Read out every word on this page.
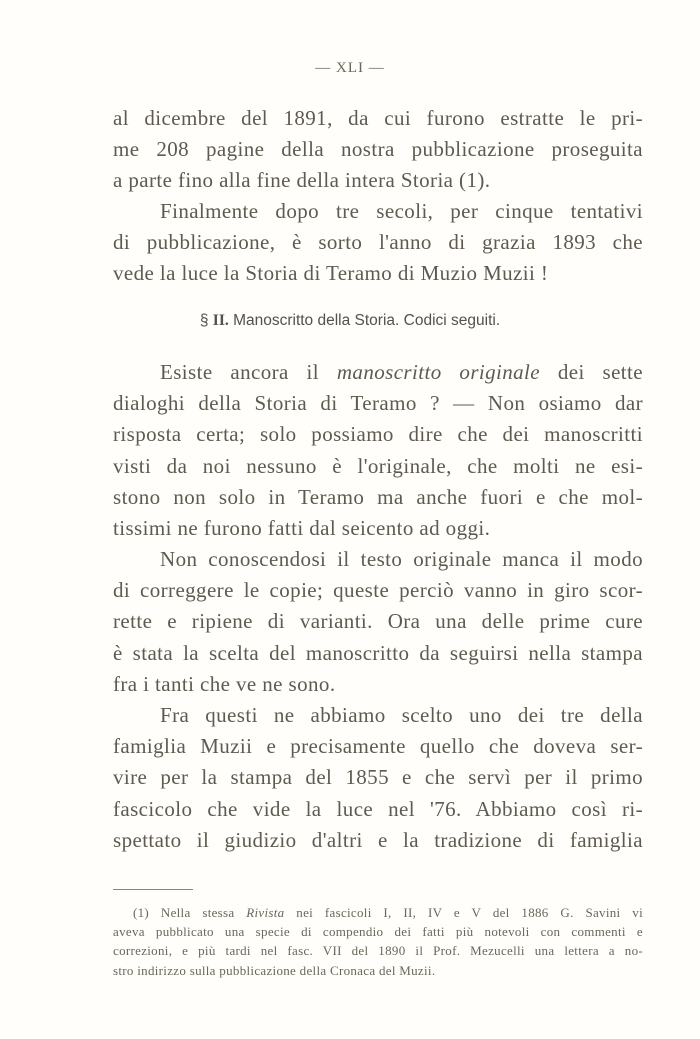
— XLI —
al dicembre del 1891, da cui furono estratte le pri-
me 208 pagine della nostra pubblicazione proseguita
a parte fino alla fine della intera Storia (1).
Finalmente dopo tre secoli, per cinque tentativi
di pubblicazione, è sorto l'anno di grazia 1893 che
vede la luce la Storia di Teramo di Muzio Muzii !
§ II. Manoscritto della Storia. Codici seguiti.
Esiste ancora il manoscritto originale dei sette
dialoghi della Storia di Teramo ? — Non osiamo dar
risposta certa; solo possiamo dire che dei manoscritti
visti da noi nessuno è l'originale, che molti ne esi-
stono non solo in Teramo ma anche fuori e che mol-
tissimi ne furono fatti dal seicento ad oggi.
Non conoscendosi il testo originale manca il modo
di correggere le copie; queste perciò vanno in giro scor-
rette e ripiene di varianti. Ora una delle prime cure
è stata la scelta del manoscritto da seguirsi nella stampa
fra i tanti che ve ne sono.
Fra questi ne abbiamo scelto uno dei tre della
famiglia Muzii e precisamente quello che doveva ser-
vire per la stampa del 1855 e che servì per il primo
fascicolo che vide la luce nel '76. Abbiamo così ri-
spettato il giudizio d'altri e la tradizione di famiglia
(1) Nella stessa Rivista nei fascicoli I, II, IV e V del 1886 G. Savini vi
aveva pubblicato una specie di compendio dei fatti più notevoli con commenti e
correzioni, e più tardi nel fasc. VII del 1890 il Prof. Mezucelli una lettera a no-
stro indirizzo sulla pubblicazione della Cronaca del Muzii.
